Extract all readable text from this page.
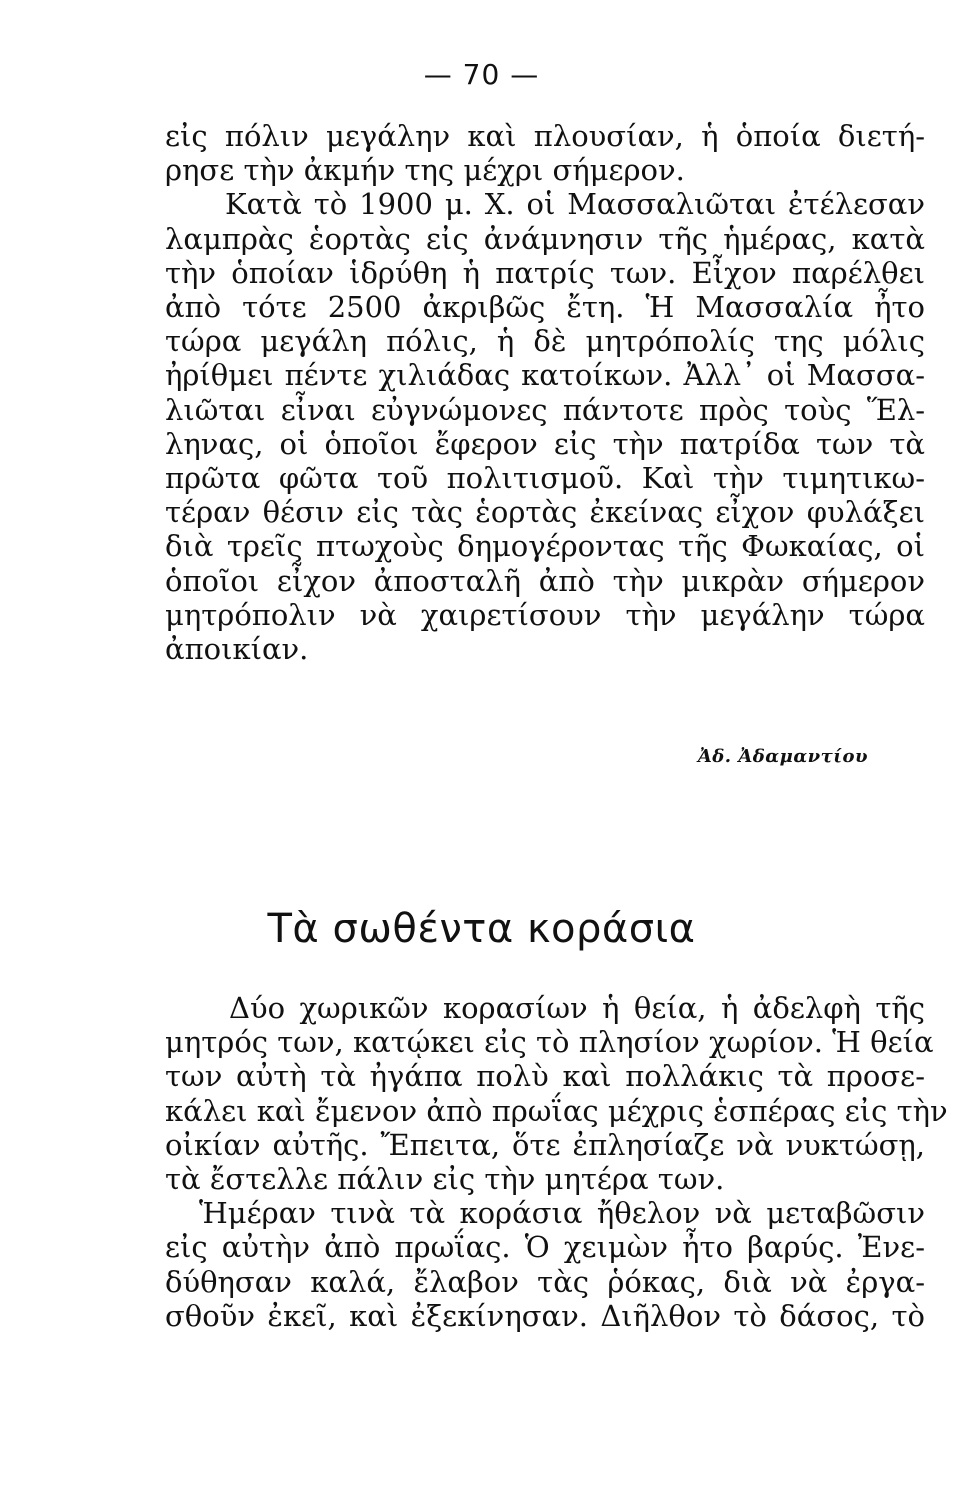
— 70 —
εἰς πόλιν μεγάλην καὶ πλουσίαν, ἡ ὁποία διετή-
ρησε τὴν ἀκμήν της μέχρι σήμερον.
Κατὰ τὸ 1900 μ. Χ. οἱ Μασσαλιῶται ἐτέλεσαν
λαμπρὰς ἑορτὰς εἰς ἀνάμνησιν τῆς ἡμέρας, κατὰ
τὴν ὁποίαν ἱδρύθη ἡ πατρίς των. Εἶχον παρέλθει
ἀπὸ τότε 2500 ἀκριβῶς ἔτη. Ἡ Μασσαλία ἦτο
τώρα μεγάλη πόλις, ἡ δὲ μητρόπολίς της μόλις
ἠρίθμει πέντε χιλιάδας κατοίκων. Ἀλλ᾽ οἱ Μασσα-
λιῶται εἶναι εὐγνώμονες πάντοτε πρὸς τοὺς Ἕλ-
ληνας, οἱ ὁποῖοι ἔφερον εἰς τὴν πατρίδα των τὰ
πρῶτα φῶτα τοῦ πολιτισμοῦ. Καὶ τὴν τιμητικω-
τέραν θέσιν εἰς τὰς ἑορτὰς ἐκείνας εἶχον φυλάξει
διὰ τρεῖς πτωχοὺς δημογέροντας τῆς Φωκαίας, οἱ
ὁποῖοι εἶχον ἀποσταλῆ ἀπὸ τὴν μικρὰν σήμερον
μητρόπολιν νὰ χαιρετίσουν τὴν μεγάλην τώρα
ἀποικίαν.
Ἀδ. Ἀδαμαντίου
Τὰ σωθέντα κοράσια
Δύο χωρικῶν κορασίων ἡ θεία, ἡ ἀδελφὴ τῆς
μητρός των, κατῴκει εἰς τὸ πλησίον χωρίον. Ἡ θεία
των αὐτὴ τὰ ἠγάπα πολὺ καὶ πολλάκις τὰ προσε-
κάλει καὶ ἔμενον ἀπὸ πρωΐας μέχρις ἑσπέρας εἰς τὴν
οἰκίαν αὐτῆς. Ἔπειτα, ὅτε ἐπλησίαζε νὰ νυκτώσῃ,
τὰ ἔστελλε πάλιν εἰς τὴν μητέρα των.
Ἡμέραν τινὰ τὰ κοράσια ἤθελον νὰ μεταβῶσιν
εἰς αὐτὴν ἀπὸ πρωΐας. Ὁ χειμὼν ἦτο βαρύς. Ἐνε-
δύθησαν καλά, ἔλαβον τὰς ῥόκας, διὰ νὰ ἐργα-
σθοῦν ἐκεῖ, καὶ ἐξεκίνησαν. Διῆλθον τὸ δάσος, τὸ
